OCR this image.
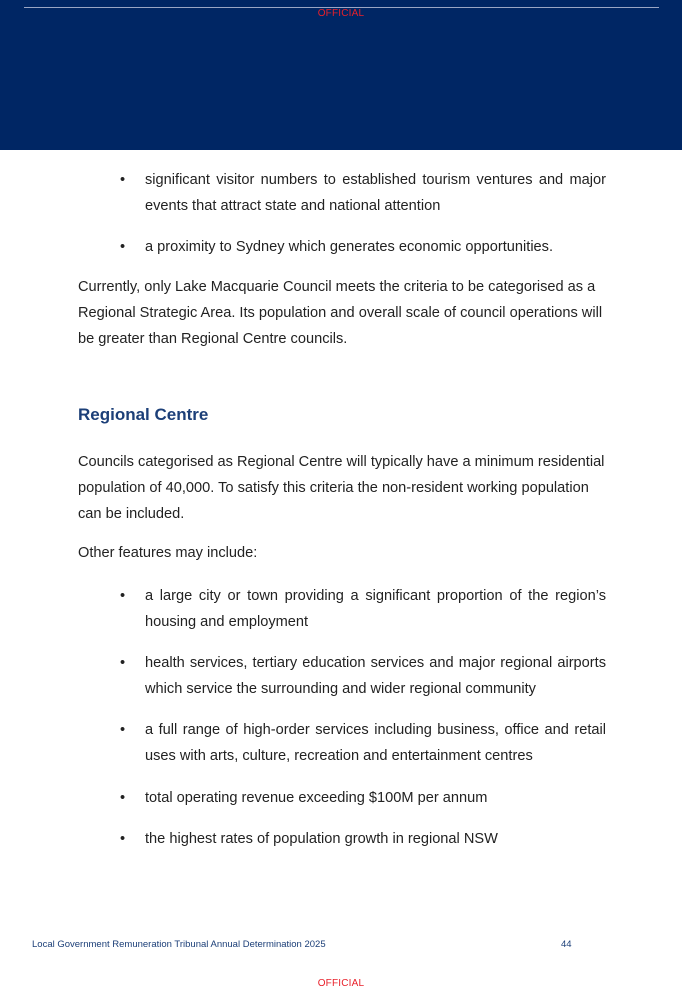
OFFICIAL
•	significant visitor numbers to established tourism ventures and major events that attract state and national attention
•	a proximity to Sydney which generates economic opportunities.

Currently, only Lake Macquarie Council meets the criteria to be categorised as a Regional Strategic Area. Its population and overall scale of council operations will be greater than Regional Centre councils.

Regional Centre

Councils categorised as Regional Centre will typically have a minimum residential population of 40,000. To satisfy this criteria the non-resident working population can be included.

Other features may include:

•	a large city or town providing a significant proportion of the region’s housing and employment
•	health services, tertiary education services and major regional airports which service the surrounding and wider regional community
•	a full range of high-order services including business, office and retail uses with arts, culture, recreation and entertainment centres
•	total operating revenue exceeding $100M per annum
•	the highest rates of population growth in regional NSW
Local Government Remuneration Tribunal Annual Determination 2025	44
OFFICIAL
